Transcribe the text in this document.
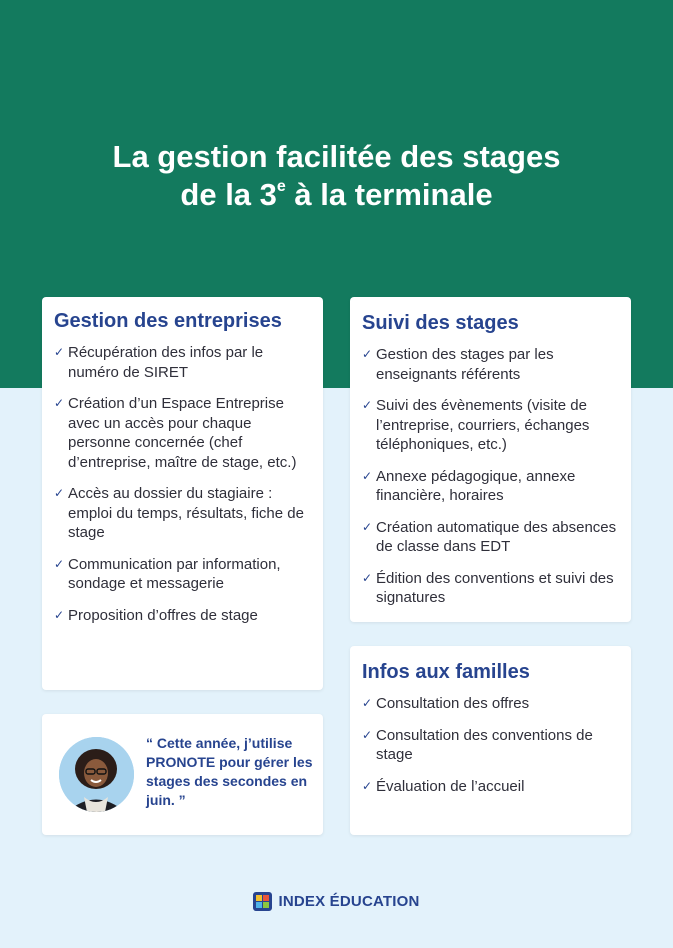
La gestion facilitée des stages
de la 3e à la terminale
Gestion des entreprises
✓ Récupération des infos par le numéro de SIRET
✓ Création d’un Espace Entreprise avec un accès pour chaque personne concernée (chef d’entreprise, maître de stage, etc.)
✓ Accès au dossier du stagiaire : emploi du temps, résultats, fiche de stage
✓ Communication par information, sondage et messagerie
✓ Proposition d’offres de stage
Suivi des stages
✓ Gestion des stages par les enseignants référents
✓ Suivi des évènements (visite de l’entreprise, courriers, échanges téléphoniques, etc.)
✓ Annexe pédagogique, annexe financière, horaires
✓ Création automatique des absences de classe dans EDT
✓ Édition des conventions et suivi des signatures
Infos aux familles
✓ Consultation des offres
✓ Consultation des conventions de stage
✓ Évaluation de l’accueil

“ Cette année, j’utilise PRONOTE pour gérer les stages des secondes en juin. ”

INDEX ÉDUCATION
